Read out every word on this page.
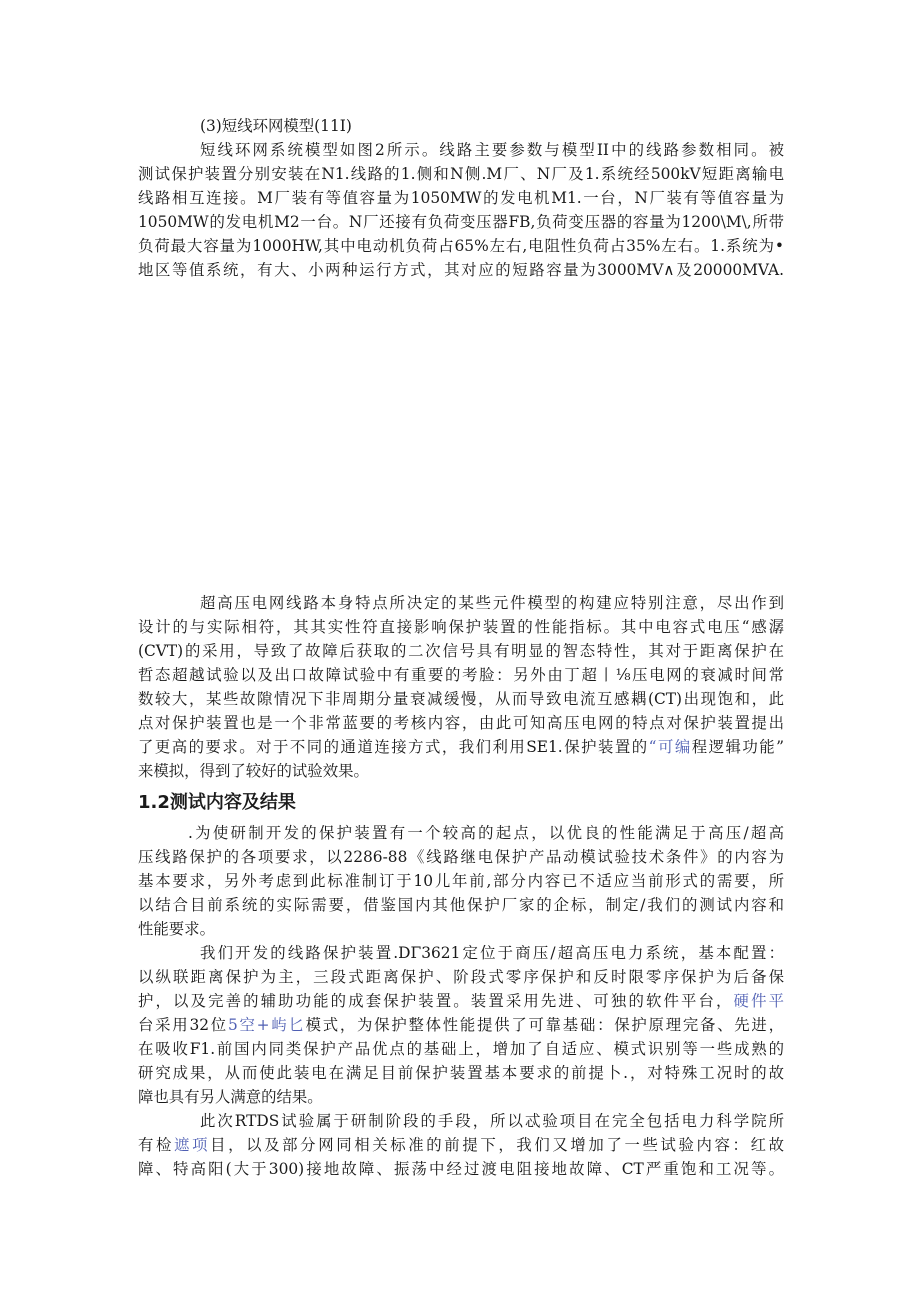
(3)短线环网模型(11I)
短线环网系统模型如图2所示。线路主要参数与模型II中的线路参数相同。被
测试保护装置分别安装在N1.线路的1.侧和N侧.M厂、N厂及1.系统经500kV短距离输电
线路相互连接。M厂装有等值容量为1050MW的发电机M1.一台，N厂装有等值容量为
1050MW的发电机M2一台。N厂还接有负荷变压器FB,负荷变压器的容量为1200\M\,所带
负荷最大容量为1000HW,其中电动机负荷占65%左右,电阻性负荷占35%左右。1.系统为•
地区等值系统，有大、小两种运行方式，其对应的短路容量为3000MV∧及20000MVA.
超高压电网线路本身特点所决定的某些元件模型的构建应特别注意，尽出作到
设计的与实际相符，其其实性符直接影响保护装置的性能指标。其中电容式电压“感潺
(CVT)的采用，导致了故障后获取的二次信号具有明显的智态特性，其对于距离保护在
哲态超越试验以及出口故障试验中有重要的考脸：另外由丁超丨⅛压电网的衰减时间常
数较大，某些故隙情况下非周期分量衰减缓慢，从而导致电流互感耦(CT)出现饱和，此
点对保护装置也是一个非常蓝要的考核内容，由此可知高压电网的特点对保护装置提出
了更高的要求。对于不同的通道连接方式，我们利用SE1.保护装置的“可编程逻辑功能”
来模拟，得到了较好的试验效果。
1.2测试内容及结果
.为使研制开发的保护装置有一个较高的起点，以优良的性能满足于高压/超高
压线路保护的各项要求，以2286-88《线路继电保护产品动模试验技术条件》的内容为
基本要求，另外考虑到此标准制订于10儿年前,部分内容已不适应当前形式的需要，所
以结合目前系统的实际需要，借鉴国内其他保护厂家的企标，制定/我们的测试内容和
性能要求。
我们开发的线路保护装置.DΓ3621定位于商压/超高压电力系统，基本配置：
以纵联距离保护为主，三段式距离保护、阶段式零序保护和反时限零序保护为后备保
护，以及完善的辅助功能的成套保护装置。装置采用先进、可独的软件平台，硬件平
台采用32位5空+屿匕模式，为保护整体性能提供了可靠基础：保护原理完备、先进，
在吸收F1.前国内同类保护产品优点的基础上，增加了自适应、模式识别等一些成熟的
研究成果，从而使此装电在满足目前保护装置基本要求的前提卜.，对特殊工况时的故
障也具有另人满意的结果。
此次RTDS试验属于研制阶段的手段，所以忒验项目在完全包括电力科学院所
有检遮项目，以及部分网同相关标准的前提下，我们又增加了一些试验内容：红故
障、特高阳(大于300)接地故障、振荡中经过渡电阻接地故障、CT严重饱和工况等。
